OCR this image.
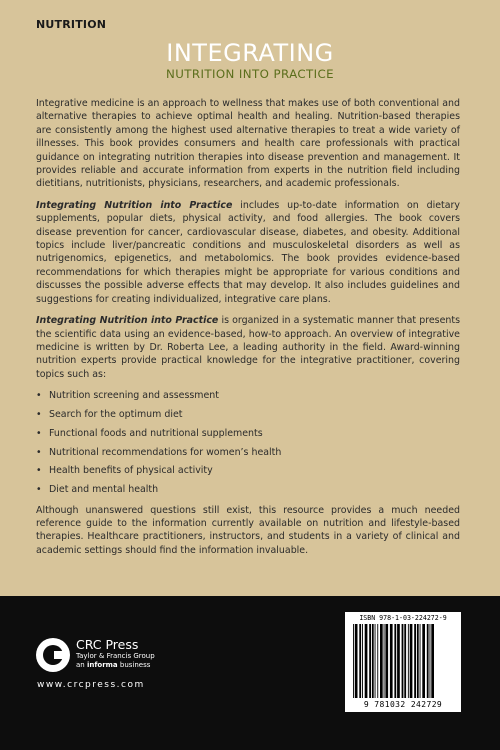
NUTRITION
INTEGRATING
NUTRITION INTO PRACTICE

Integrative medicine is an approach to wellness that makes use of both conventional and alternative therapies to achieve optimal health and healing. Nutrition-based therapies are consistently among the highest used alternative therapies to treat a wide variety of illnesses. This book provides consumers and health care professionals with practical guidance on integrating nutrition therapies into disease prevention and management. It provides reliable and accurate information from experts in the nutrition field including dietitians, nutritionists, physicians, researchers, and academic professionals.

Integrating Nutrition into Practice includes up-to-date information on dietary supplements, popular diets, physical activity, and food allergies. The book covers disease prevention for cancer, cardiovascular disease, diabetes, and obesity. Additional topics include liver/pancreatic conditions and musculoskeletal disorders as well as nutrigenomics, epigenetics, and metabolomics. The book provides evidence-based recommendations for which therapies might be appropriate for various conditions and discusses the possible adverse effects that may develop. It also includes guidelines and suggestions for creating individualized, integrative care plans.

Integrating Nutrition into Practice is organized in a systematic manner that presents the scientific data using an evidence-based, how-to approach. An overview of integrative medicine is written by Dr. Roberta Lee, a leading authority in the field. Award-winning nutrition experts provide practical knowledge for the integrative practitioner, covering topics such as:

• Nutrition screening and assessment
• Search for the optimum diet
• Functional foods and nutritional supplements
• Nutritional recommendations for women’s health
• Health benefits of physical activity
• Diet and mental health

Although unanswered questions still exist, this resource provides a much needed reference guide to the information currently available on nutrition and lifestyle-based therapies. Healthcare practitioners, instructors, and students in a variety of clinical and academic settings should find the information invaluable.

CRC Press
Taylor & Francis Group
an informa business
www.crcpress.com
ISBN 978-1-03-224272-9
9 781032 242729
